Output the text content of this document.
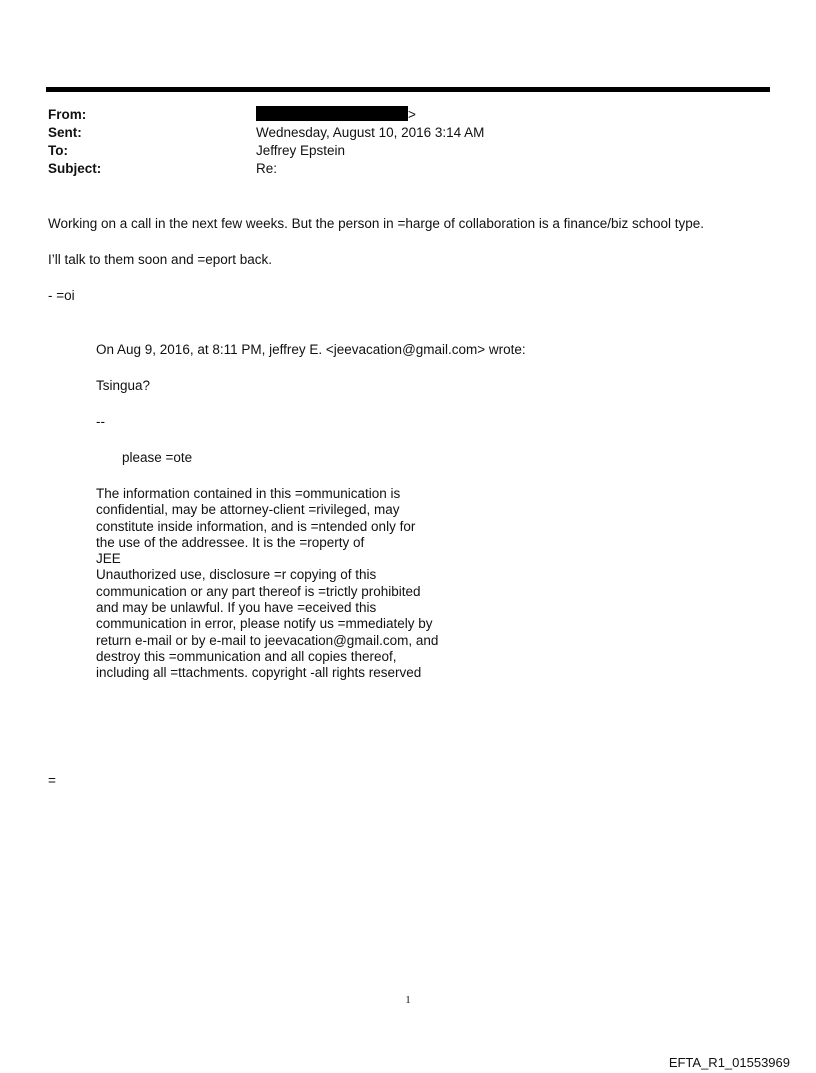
From:	>
Sent:	Wednesday, August 10, 2016 3:14 AM
To:	Jeffrey Epstein
Subject:	Re:
Working on a call in the next few weeks. But the person in =harge of collaboration is a finance/biz school type.
I’ll talk to them soon and =eport back.
- =oi
On Aug 9, 2016, at 8:11 PM, jeffrey E. <jeevacation@gmail.com> wrote:
Tsingua?
--
please =ote
The information contained in this =ommunication is
confidential, may be attorney-client =rivileged, may
constitute inside information, and is =ntended only for
the use of the addressee. It is the =roperty of
JEE
Unauthorized use, disclosure =r copying of this
communication or any part thereof is =trictly prohibited
and may be unlawful. If you have =eceived this
communication in error, please notify us =mmediately by
return e-mail or by e-mail to jeevacation@gmail.com, and
destroy this =ommunication and all copies thereof,
including all =ttachments. copyright -all rights reserved
=
1
EFTA_R1_01553969
